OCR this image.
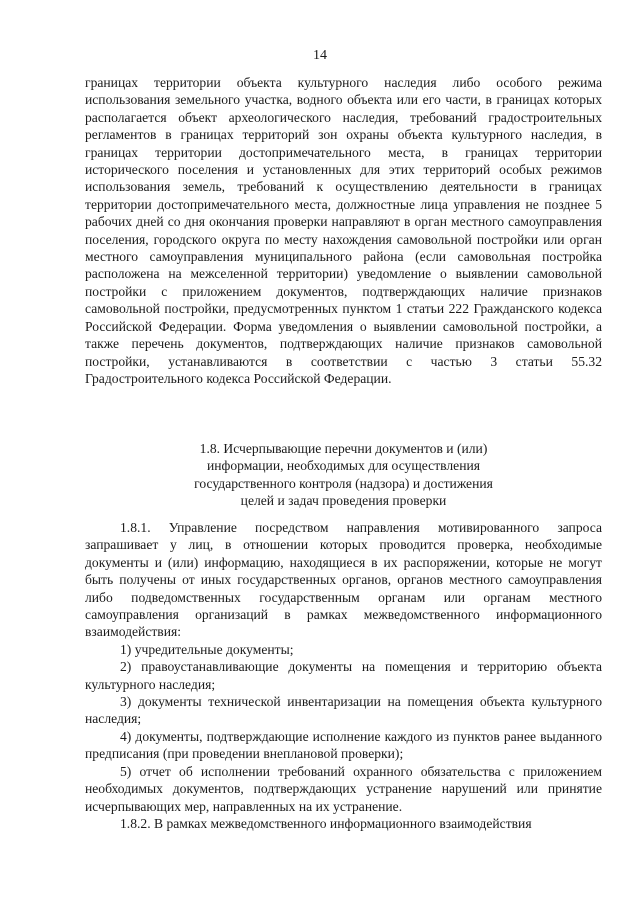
14
границах территории объекта культурного наследия либо особого режима использования земельного участка, водного объекта или его части, в границах которых располагается объект археологического наследия, требований градостроительных регламентов в границах территорий зон охраны объекта культурного наследия, в границах территории достопримечательного места, в границах территории исторического поселения и установленных для этих территорий особых режимов использования земель, требований к осуществлению деятельности в границах территории достопримечательного места, должностные лица управления не позднее 5 рабочих дней со дня окончания проверки направляют в орган местного самоуправления поселения, городского округа по месту нахождения самовольной постройки или орган местного самоуправления муниципального района (если самовольная постройка расположена на межселенной территории) уведомление о выявлении самовольной постройки с приложением документов, подтверждающих наличие признаков самовольной постройки, предусмотренных пунктом 1 статьи 222 Гражданского кодекса Российской Федерации. Форма уведомления о выявлении самовольной постройки, а также перечень документов, подтверждающих наличие признаков самовольной постройки, устанавливаются в соответствии с частью 3 статьи 55.32 Градостроительного кодекса Российской Федерации.
1.8. Исчерпывающие перечни документов и (или)
информации, необходимых для осуществления
государственного контроля (надзора) и достижения
целей и задач проведения проверки

1.8.1. Управление посредством направления мотивированного запроса запрашивает у лиц, в отношении которых проводится проверка, необходимые документы и (или) информацию, находящиеся в их распоряжении, которые не могут быть получены от иных государственных органов, органов местного самоуправления либо подведомственных государственным органам или органам местного самоуправления организаций в рамках межведомственного информационного взаимодействия:

1) учредительные документы;

2) правоустанавливающие документы на помещения и территорию объекта культурного наследия;

3) документы технической инвентаризации на помещения объекта культурного наследия;

4) документы, подтверждающие исполнение каждого из пунктов ранее выданного предписания (при проведении внеплановой проверки);

5) отчет об исполнении требований охранного обязательства с приложением необходимых документов, подтверждающих устранение нарушений или принятие исчерпывающих мер, направленных на их устранение.

1.8.2. В рамках межведомственного информационного взаимодействия
